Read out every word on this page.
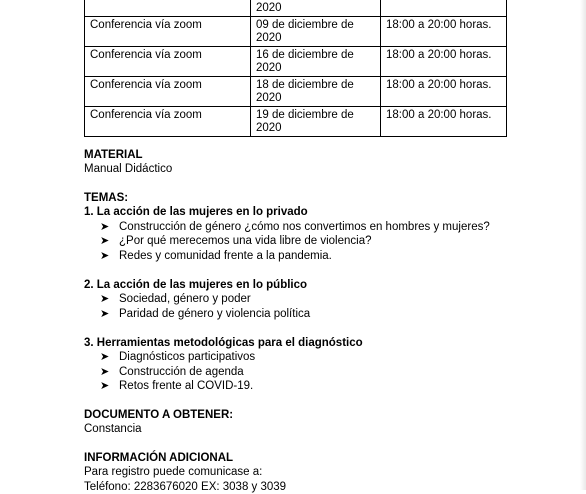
	2020	
Conferencia vía zoom	09 de diciembre de 2020	18:00 a 20:00 horas.
Conferencia vía zoom	16 de diciembre de 2020	18:00 a 20:00 horas.
Conferencia vía zoom	18 de diciembre de 2020	18:00 a 20:00 horas.
Conferencia vía zoom	19 de diciembre de 2020	18:00 a 20:00 horas.
MATERIAL
Manual Didáctico
TEMAS:
1. La acción de las mujeres en lo privado
➤ Construcción de género ¿cómo nos convertimos en hombres y mujeres?
➤ ¿Por qué merecemos una vida libre de violencia?
➤ Redes y comunidad frente a la pandemia.
2. La acción de las mujeres en lo público
➤ Sociedad, género y poder
➤ Paridad de género y violencia política
3. Herramientas metodológicas para el diagnóstico
➤ Diagnósticos participativos
➤ Construcción de agenda
➤ Retos frente al COVID-19.
DOCUMENTO A OBTENER:
Constancia
INFORMACIÓN ADICIONAL
Para registro puede comunicase a:
Teléfono: 2283676020 EX: 3038 y 3039
